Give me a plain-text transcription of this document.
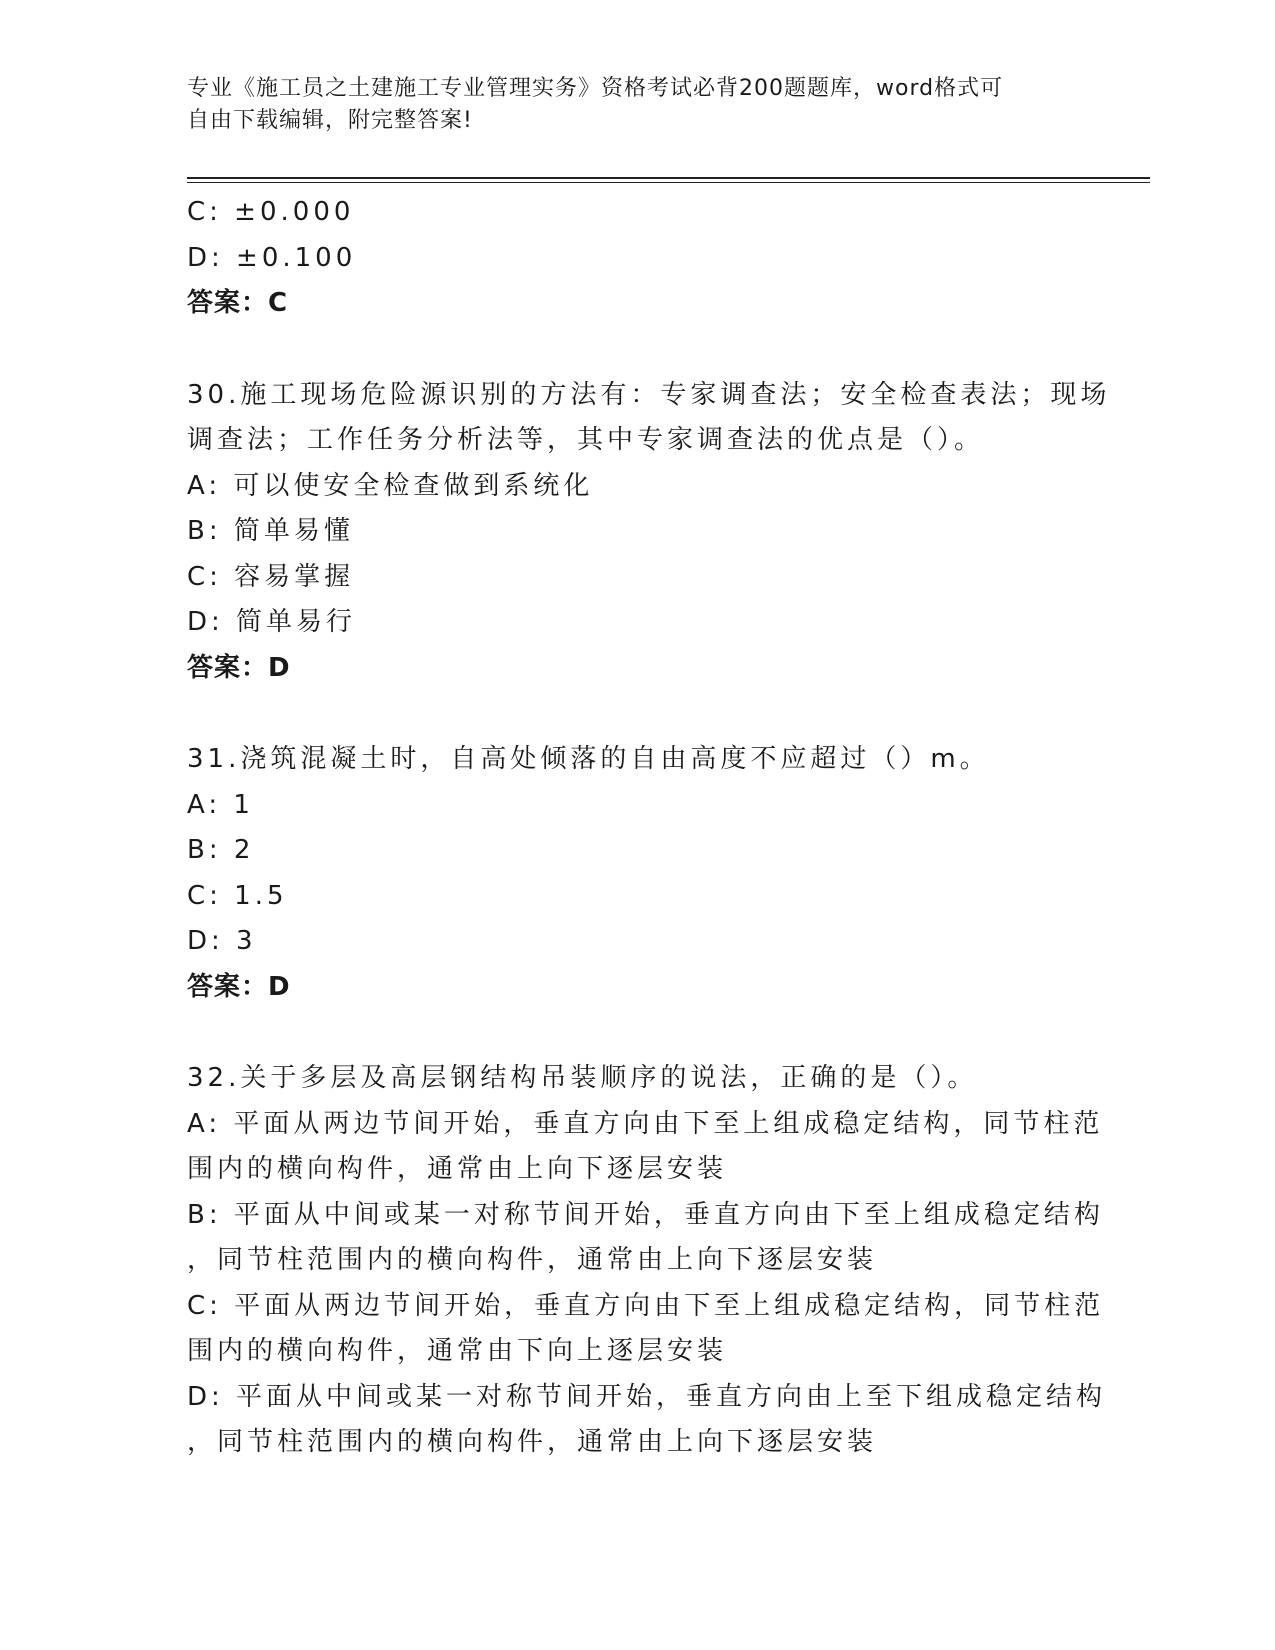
专业《施工员之土建施工专业管理实务》资格考试必背200题题库，word格式可
自由下载编辑，附完整答案!
C: ±0.000
D: ±0.100
答案：C
30.施工现场危险源识别的方法有：专家调查法；安全检查表法；现场
调查法；工作任务分析法等，其中专家调查法的优点是（）。
A: 可以使安全检查做到系统化
B: 简单易懂
C: 容易掌握
D: 简单易行
答案：D
31.浇筑混凝土时，自高处倾落的自由高度不应超过（）m。
A: 1
B: 2
C: 1.5
D: 3
答案：D
32.关于多层及高层钢结构吊装顺序的说法，正确的是（）。
A: 平面从两边节间开始，垂直方向由下至上组成稳定结构，同节柱范
围内的横向构件，通常由上向下逐层安装
B: 平面从中间或某一对称节间开始，垂直方向由下至上组成稳定结构
，同节柱范围内的横向构件，通常由上向下逐层安装
C: 平面从两边节间开始，垂直方向由下至上组成稳定结构，同节柱范
围内的横向构件，通常由下向上逐层安装
D: 平面从中间或某一对称节间开始，垂直方向由上至下组成稳定结构
，同节柱范围内的横向构件，通常由上向下逐层安装
